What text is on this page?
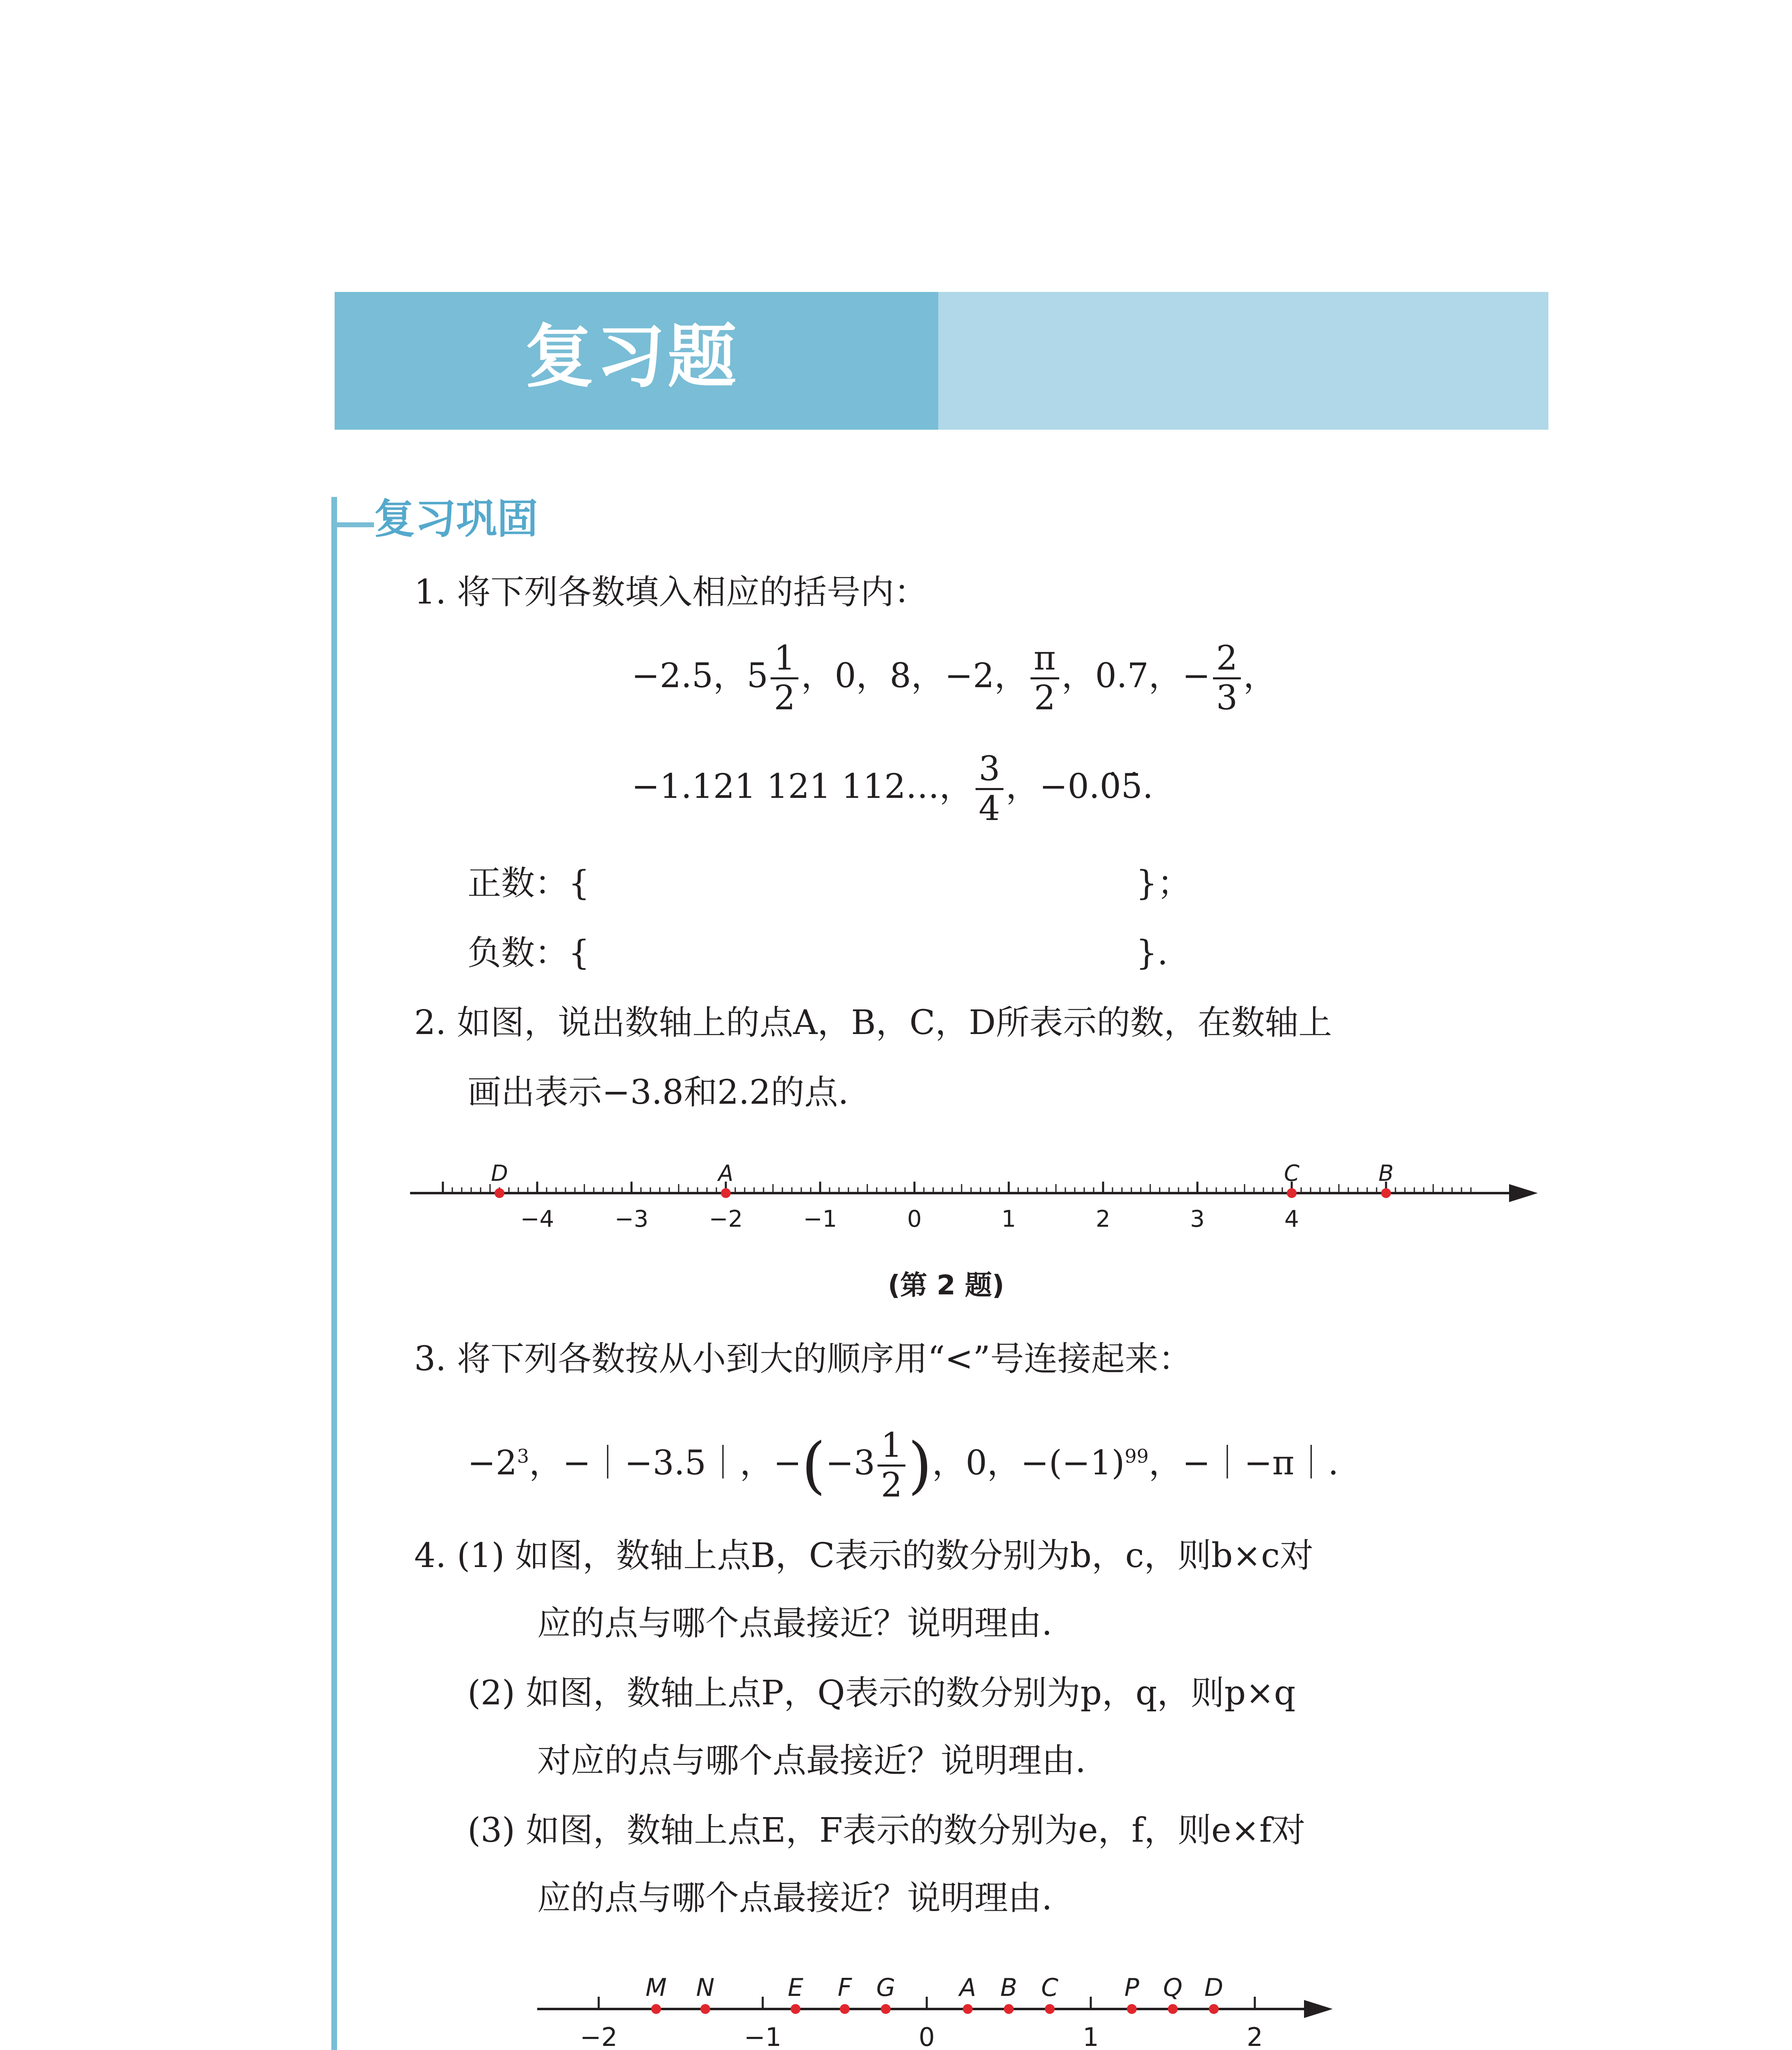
复习题
复习巩固
1. 将下列各数填入相应的括号内：
−2.5，$5 \frac{1}{2}$ ，0，8，−2， $\frac{\pi}{2}$ ，0.7，− $\frac{2}{3}$ ，
−1.121 121 112…， $\frac{3}{4}$ ，−0.0̇5̇.
正数：{	}；
负数：{	}.
2. 如图，说出数轴上的点A，B，C，D所表示的数，在数轴上
画出表示−3.8和2.2的点.
−4	−3	−2	−1	0	1	2	3	4
D	A	C	B
(第 2 题)
3. 将下列各数按从小到大的顺序用“<”号连接起来：
$-2^3$，−｜−3.5｜，$-(-3 \frac{1}{2}$ )，0，$-(-1)^{99}$，−｜−π｜.
4. (1) 如图，数轴上点B，C表示的数分别为b，c，则b×c对
应的点与哪个点最接近？说明理由.
(2) 如图，数轴上点P，Q表示的数分别为p，q，则p×q
对应的点与哪个点最接近？说明理由.
(3) 如图，数轴上点E，F表示的数分别为e，f，则e×f对
应的点与哪个点最接近？说明理由.
−2	−1	0	1	2
M N	E F G	A B C	P Q D
